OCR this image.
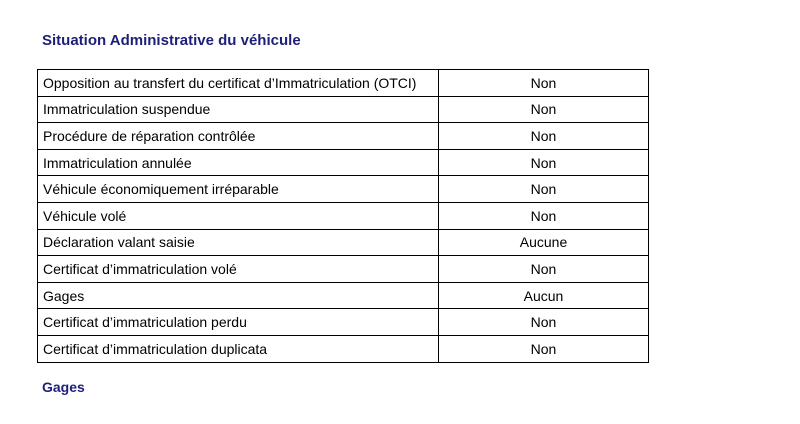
Situation Administrative du véhicule
Opposition au transfert du certificat d’Immatriculation (OTCI)	Non
Immatriculation suspendue	Non
Procédure de réparation contrôlée	Non
Immatriculation annulée	Non
Véhicule économiquement irréparable	Non
Véhicule volé	Non
Déclaration valant saisie	Aucune
Certificat d’immatriculation volé	Non
Gages	Aucun
Certificat d’immatriculation perdu	Non
Certificat d’immatriculation duplicata	Non
Gages
